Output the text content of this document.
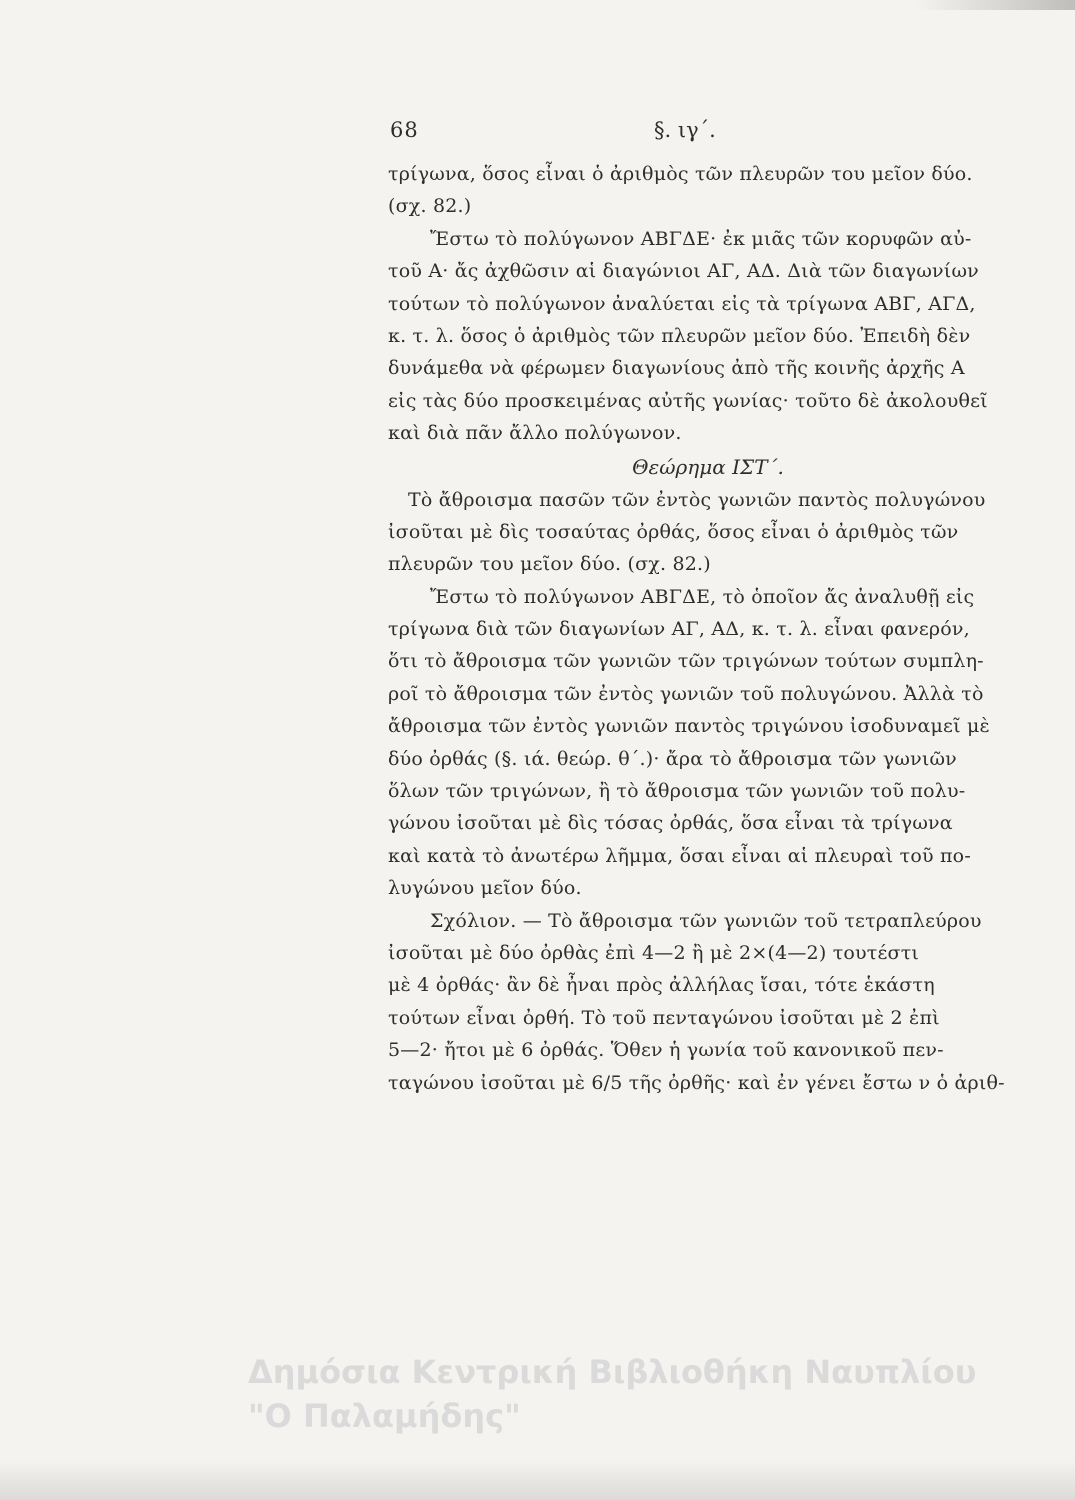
68	§. ιγ΄.
τρίγωνα, ὅσος εἶναι ὁ ἀριθμὸς τῶν πλευρῶν του μεῖον δύο.
(σχ. 82.)
Ἔστω τὸ πολύγωνον ΑΒΓΔΕ· ἐκ μιᾶς τῶν κορυφῶν αὐ-
τοῦ Α· ἄς ἀχθῶσιν αἱ διαγώνιοι ΑΓ, ΑΔ. Διὰ τῶν διαγωνίων
τούτων τὸ πολύγωνον ἀναλύεται εἰς τὰ τρίγωνα ΑΒΓ, ΑΓΔ,
κ. τ. λ. ὅσος ὁ ἀριθμὸς τῶν πλευρῶν μεῖον δύο. Ἐπειδὴ δὲν
δυνάμεθα νὰ φέρωμεν διαγωνίους ἀπὸ τῆς κοινῆς ἀρχῆς Α
εἰς τὰς δύο προσκειμένας αὐτῆς γωνίας· τοῦτο δὲ ἀκολουθεῖ
καὶ διὰ πᾶν ἄλλο πολύγωνον.
Θεώρημα ΙΣΤ΄.
Τὸ ἄθροισμα πασῶν τῶν ἐντὸς γωνιῶν παντὸς πολυγώνου
ἰσοῦται μὲ δὶς τοσαύτας ὀρθάς, ὅσος εἶναι ὁ ἀριθμὸς τῶν
πλευρῶν του μεῖον δύο. (σχ. 82.)
Ἔστω τὸ πολύγωνον ΑΒΓΔΕ, τὸ ὁποῖον ἄς ἀναλυθῇ εἰς
τρίγωνα διὰ τῶν διαγωνίων ΑΓ, ΑΔ, κ. τ. λ. εἶναι φανερόν,
ὅτι τὸ ἄθροισμα τῶν γωνιῶν τῶν τριγώνων τούτων συμπλη-
ροῖ τὸ ἄθροισμα τῶν ἐντὸς γωνιῶν τοῦ πολυγώνου. Ἀλλὰ τὸ
ἄθροισμα τῶν ἐντὸς γωνιῶν παντὸς τριγώνου ἰσοδυναμεῖ μὲ
δύο ὀρθάς (§. ιά. θεώρ. θ΄.)· ἄρα τὸ ἄθροισμα τῶν γωνιῶν
ὅλων τῶν τριγώνων, ἢ τὸ ἄθροισμα τῶν γωνιῶν τοῦ πολυ-
γώνου ἰσοῦται μὲ δὶς τόσας ὀρθάς, ὅσα εἶναι τὰ τρίγωνα
καὶ κατὰ τὸ ἀνωτέρω λῆμμα, ὅσαι εἶναι αἱ πλευραὶ τοῦ πο-
λυγώνου μεῖον δύο.
Σχόλιον. — Τὸ ἄθροισμα τῶν γωνιῶν τοῦ τετραπλεύρου
ἰσοῦται μὲ δύο ὀρθὰς ἐπὶ 4—2 ἢ μὲ 2×(4—2) τουτέστι
μὲ 4 ὀρθάς· ἂν δὲ ἦναι πρὸς ἀλλήλας ἴσαι, τότε ἑκάστη
τούτων εἶναι ὀρθή. Τὸ τοῦ πενταγώνου ἰσοῦται μὲ 2 ἐπὶ
5—2· ἤτοι μὲ 6 ὀρθάς. Ὅθεν ἡ γωνία τοῦ κανονικοῦ πεν-
ταγώνου ἰσοῦται μὲ 6/5 τῆς ὀρθῆς· καὶ ἐν γένει ἔστω ν ὁ ἀριθ-
Δημόσια Κεντρική Βιβλιοθήκη Ναυπλίου
"Ο Παλαμήδης"
